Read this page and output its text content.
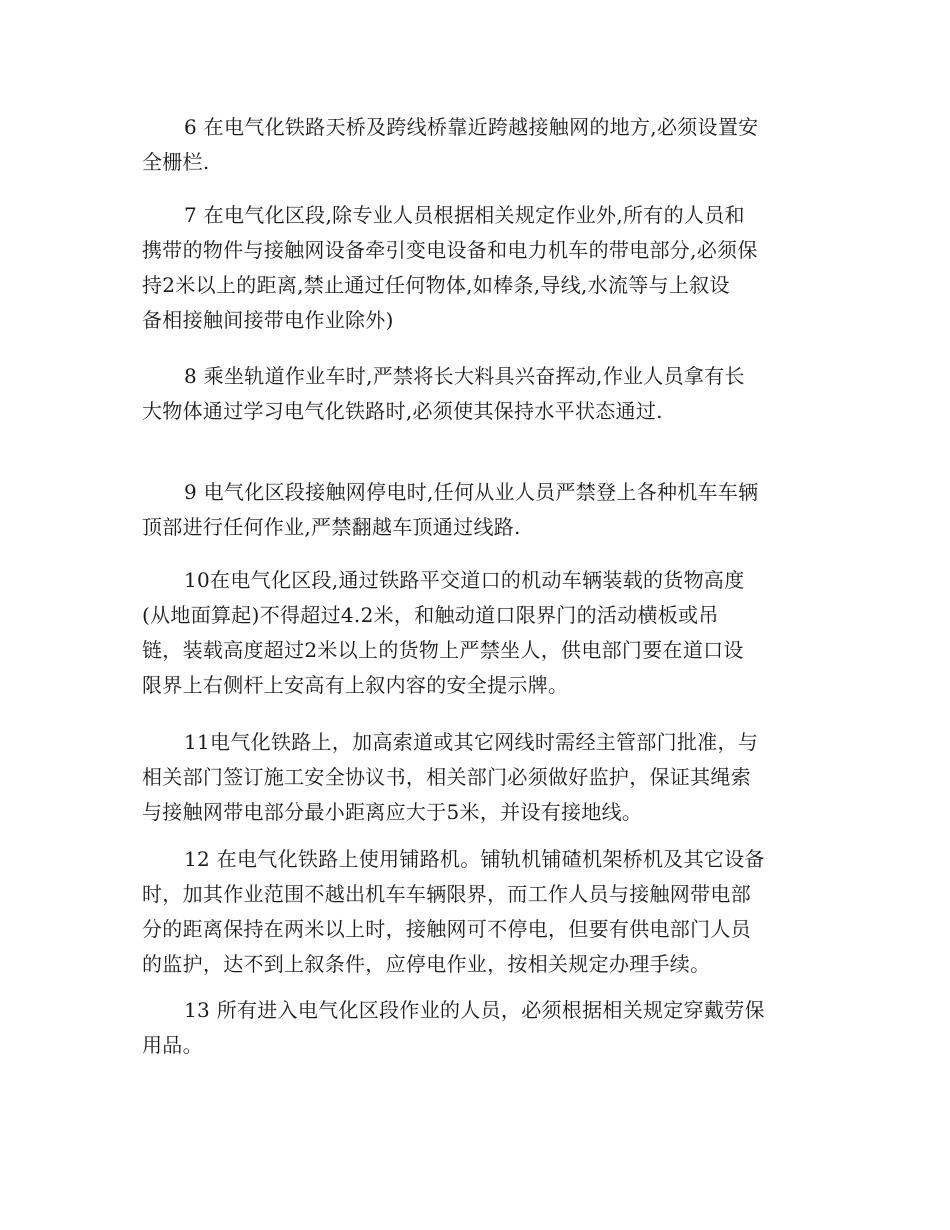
6 在电气化铁路天桥及跨线桥靠近跨越接触网的地方,必须设置安
全栅栏.

7 在电气化区段,除专业人员根据相关规定作业外,所有的人员和
携带的物件与接触网设备牵引变电设备和电力机车的带电部分,必须保
持2米以上的距离,禁止通过任何物体,如棒条,导线,水流等与上叙设
备相接触间接带电作业除外)

8 乘坐轨道作业车时,严禁将长大料具兴奋挥动,作业人员拿有长
大物体通过学习电气化铁路时,必须使其保持水平状态通过.

9 电气化区段接触网停电时,任何从业人员严禁登上各种机车车辆
顶部进行任何作业,严禁翻越车顶通过线路.

10在电气化区段,通过铁路平交道口的机动车辆装载的货物高度
(从地面算起)不得超过4.2米，和触动道口限界门的活动横板或吊
链，装载高度超过2米以上的货物上严禁坐人，供电部门要在道口设
限界上右侧杆上安高有上叙内容的安全提示牌。

11电气化铁路上，加高索道或其它网线时需经主管部门批准，与
相关部门签订施工安全协议书，相关部门必须做好监护，保证其绳索
与接触网带电部分最小距离应大于5米，并设有接地线。

12 在电气化铁路上使用铺路机。铺轨机铺碴机架桥机及其它设备
时，加其作业范围不越出机车车辆限界，而工作人员与接触网带电部
分的距离保持在两米以上时，接触网可不停电，但要有供电部门人员
的监护，达不到上叙条件，应停电作业，按相关规定办理手续。

13 所有进入电气化区段作业的人员，必须根据相关规定穿戴劳保
用品。
